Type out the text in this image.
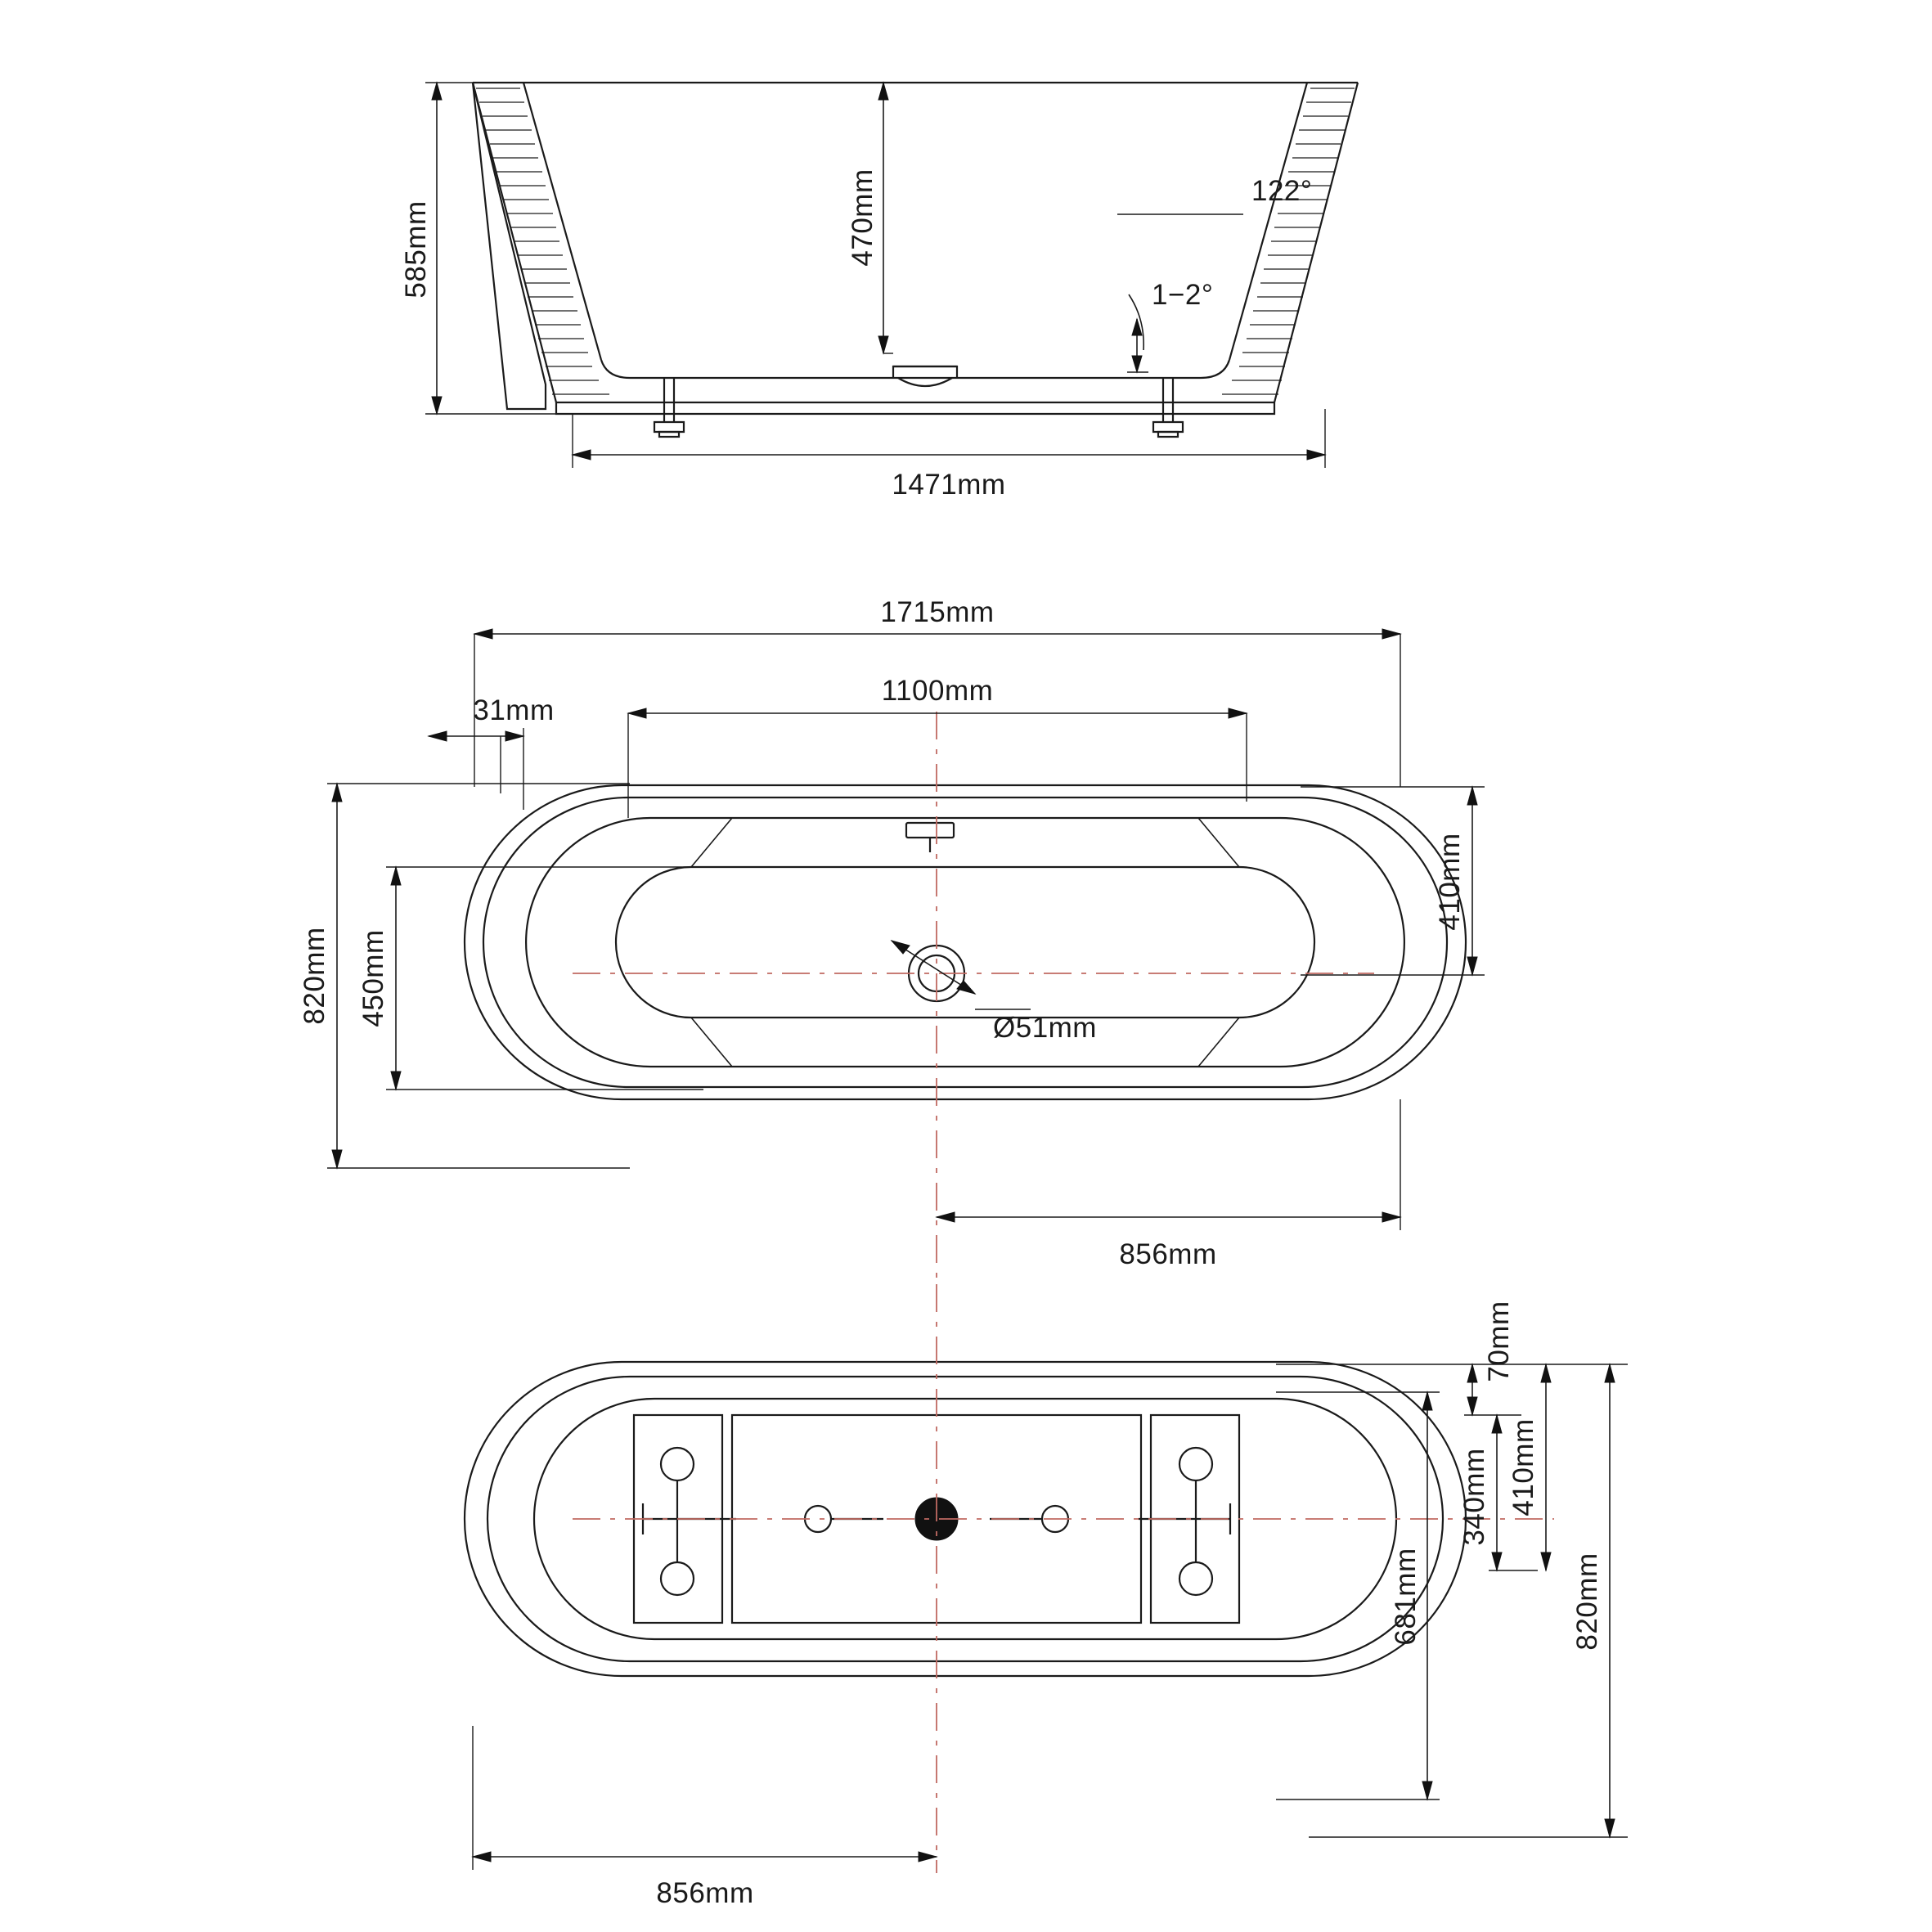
585mm	470mm	122°
1−2°
1471mm
1715mm
1100mm
31mm
820mm 450mm
410mm
Ø51mm
856mm
70mm
340mm 410mm
681mm	820mm
856mm
